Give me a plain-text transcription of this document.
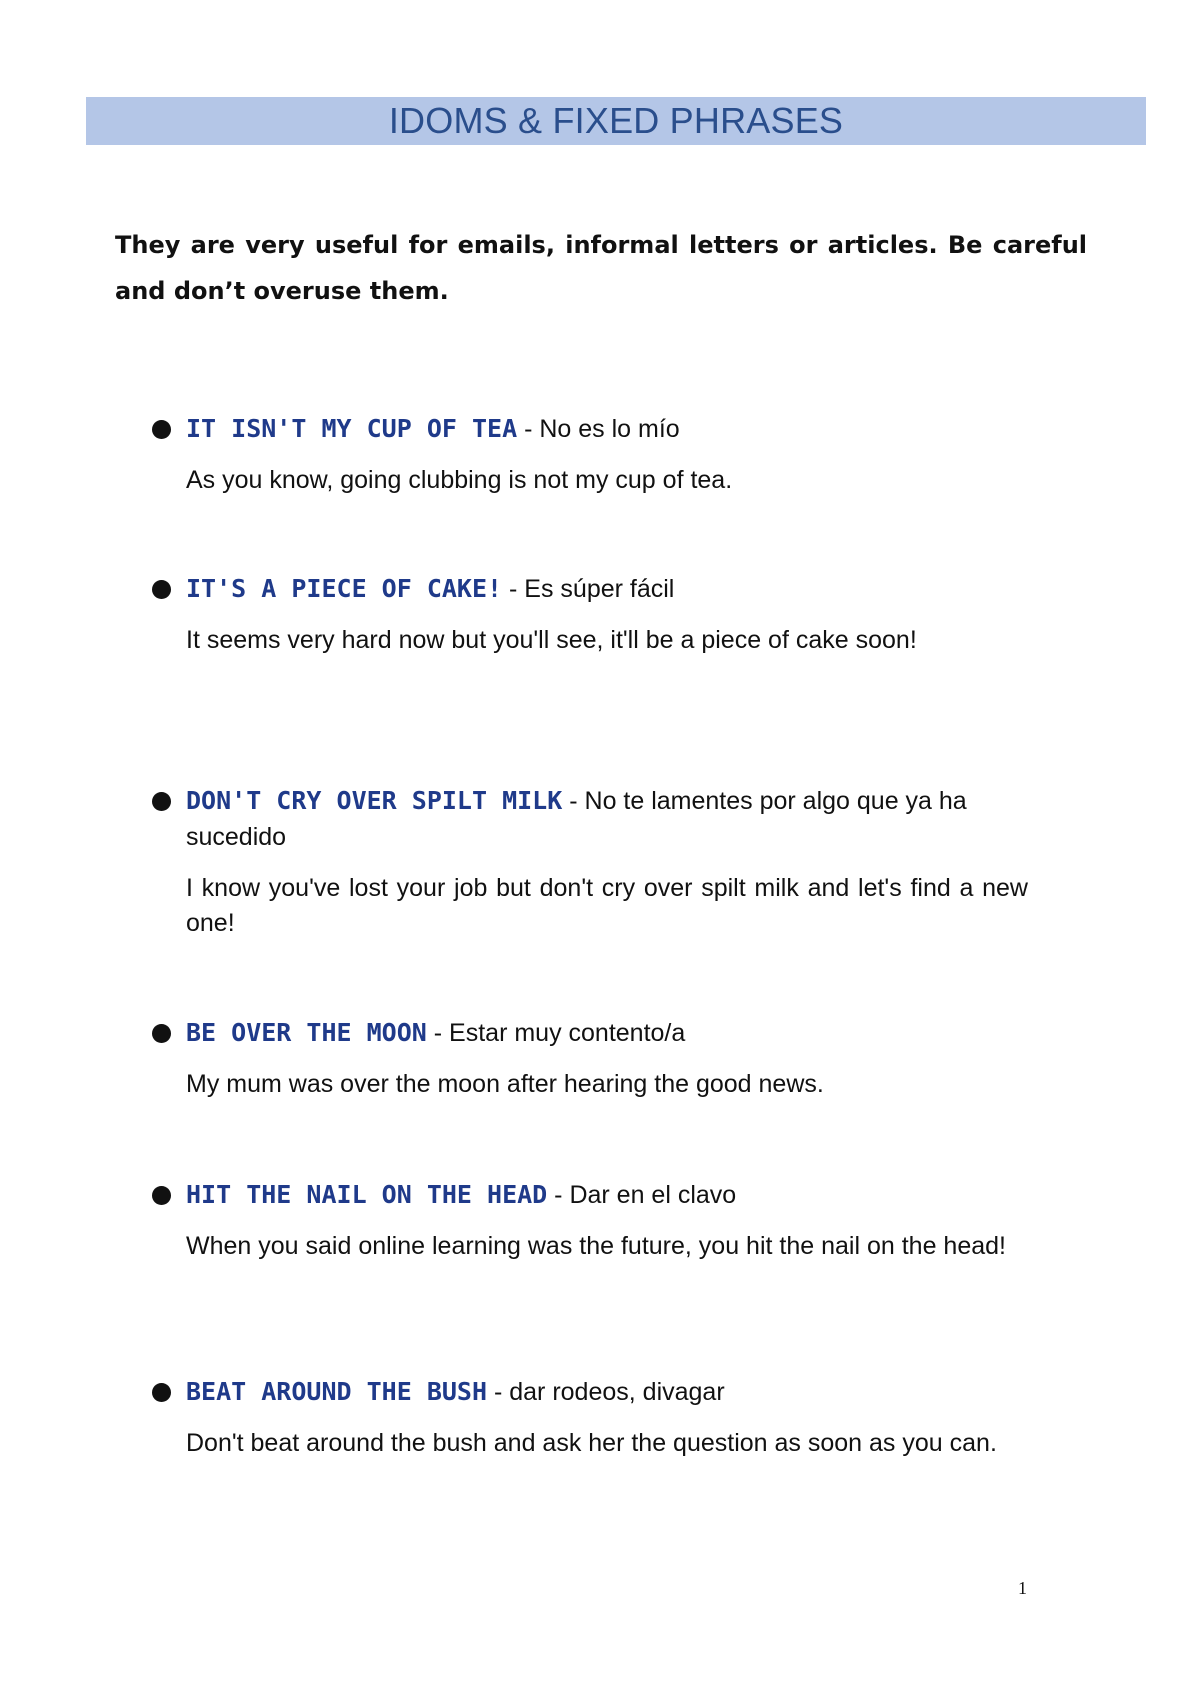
IDOMS & FIXED PHRASES
They are very useful for emails, informal letters or articles. Be careful and don’t overuse them.
IT ISN'T MY CUP OF TEA - No es lo mío
As you know, going clubbing is not my cup of tea.
IT'S A PIECE OF CAKE! - Es súper fácil
It seems very hard now but you'll see, it'll be a piece of cake soon!
DON'T CRY OVER SPILT MILK - No te lamentes por algo que ya ha sucedido
I know you've lost your job but don't cry over spilt milk and let's find a new one!
BE OVER THE MOON - Estar muy contento/a
My mum was over the moon after hearing the good news.
HIT THE NAIL ON THE HEAD - Dar en el clavo
When you said online learning was the future, you hit the nail on the head!
BEAT AROUND THE BUSH - dar rodeos, divagar
Don't beat around the bush and ask her the question as soon as you can.
1
